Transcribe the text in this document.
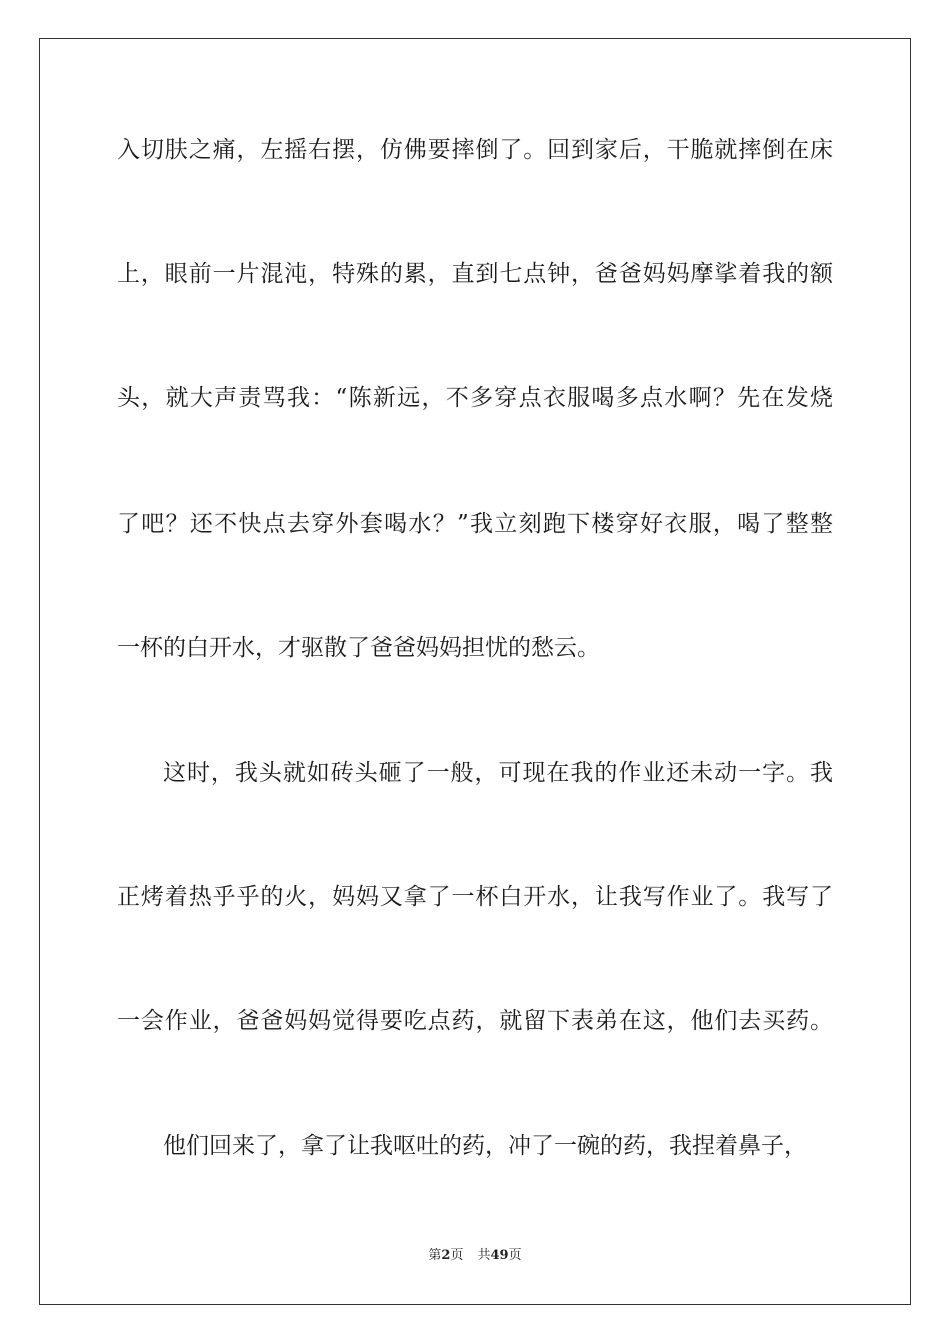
入切肤之痛，左摇右摆，仿佛要摔倒了。回到家后，干脆就摔倒在床
上，眼前一片混沌，特殊的累，直到七点钟，爸爸妈妈摩挲着我的额
头，就大声责骂我：“陈新远，不多穿点衣服喝多点水啊？先在发烧
了吧？还不快点去穿外套喝水？”我立刻跑下楼穿好衣服，喝了整整
一杯的白开水，才驱散了爸爸妈妈担忧的愁云。
这时，我头就如砖头砸了一般，可现在我的作业还未动一字。我
正烤着热乎乎的火，妈妈又拿了一杯白开水，让我写作业了。我写了
一会作业，爸爸妈妈觉得要吃点药，就留下表弟在这，他们去买药。
他们回来了，拿了让我呕吐的药，冲了一碗的药，我捏着鼻子，
第2页 共49页
